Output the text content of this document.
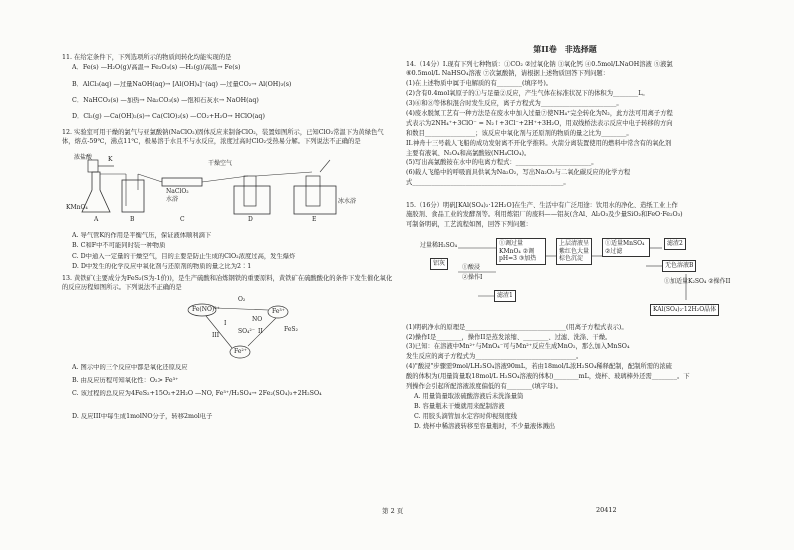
11. 在给定条件下，下列选项所示的物质间转化均能实现的是
A．Fe(s) —H₂O(g)/高温→ Fe₂O₃(s) —H₂(g)/高温→ Fe(s)
B．AlCl₃(aq) —过量NaOH(aq)→ [Al(OH)₄]⁻(aq) —过量CO₂→ Al(OH)₃(s)
C．NaHCO₃(s) —加热→ Na₂CO₃(s) —饱和石灰水→ NaOH(aq)
D．Cl₂(g) —Ca(OH)₂(s)→ Ca(ClO)₂(s) —CO₂+H₂O→ HClO(aq)
12. 实验室可用干燥的氯气与亚氯酸钠(NaClO₂)固体反应来制备ClO₂，装置如图所示，已知ClO₂常温下为黄绿色气体，熔点-59℃，沸点11℃，极易溶于水且不与水反应，浓度过高时ClO₂受热易分解。下列说法不正确的是
浓盐酸	K
KMnO₄
A	B
干燥空气
NaClO₂
水浴
C	D
冰水浴
E
A. 导气管K的作用是平衡气压，保证液体顺利滴下
B. C和F中不可能同时装一种物质
C. D中通入一定量的干燥空气，目的主要是防止生成的ClO₂浓度过高，发生爆炸
D. D中发生的化学反应中氧化剂与还原剂的物质的量之比为2∶1
13. 黄铁矿(主要成分为FeS₂(S为-1价))，是生产硫酸和冶炼钢铁的重要原料，黄铁矿在硫酸酸化的条件下发生催化氧化的反应历程如图所示。下列说法不正确的是
Fe(NO)²⁺	Fe³⁺
Fe²⁺
O₂
I
NO
FeS₂
II
III
SO₄²⁻
A. 图示中的三个反应中都是氧化还原反应
B. 由反应历程可知氧化性：O₂> Fe³⁺
C. 该过程的总反应为4FeS₂+15O₂+2H₂O —NO, Fe³⁺/H₂SO₄→ 2Fe₂(SO₄)₃+2H₂SO₄
D. 反应III中每生成1molNO分子，转移2mol电子
第II卷　非选择题
14.（14分）I.现有下列七种物质：①CO₂ ②过氧化钠 ③氧化钙 ④0.5mol/LNaOH溶液 ⑤液氯
⑥0.5mol/L NaHSO₄溶液 ⑦次氯酸钠，请根据上述物质回答下列问题：
(1)在上述物质中属于电解质的有________(填序号)。
(2)含有0.4mol氧原子的①与足量②反应，产生气体在标准状况下的体积为________L。
(3)⑥和⑧等体积混合时发生反应，离子方程式为________________________。
(4)废水脱氮工艺有一种方法是在废水中加入过量⑦使NH₄⁺完全转化为N₂，此方法可用离子方程
式表示为2NH₄⁺+3ClO⁻ = N₂↑+3Cl⁻+2H⁺+3H₂O，用双线桥法表示反应中电子转移的方向
和数目________________；该反应中氧化剂与还原剂的物质的量之比为________。
II.神舟十三号载人飞船的成功发射离不开化学推料。火箭分离装置使用的燃料中常含有的氧化剂
主要有液氧、N₂O₄和高氯酸铵(NH₄ClO₄)。
(5)写出高氯酸铵在水中的电离方程式：________________________。
(6)载人飞船中的呼吸面具供氧为Na₂O₂，写出Na₂O₂与二氧化碳反应的化学方程
式________________________________________________。
15.（16分）明矾[KAl(SO₄)₂·12H₂O]在生产、生活中有广泛用途：饮用水的净化、造纸工业上作
施胶剂、食品工业的发酵剂等。利用炼铝厂的废料——铝灰(含Al、Al₂O₃及少量SiO₂和FeO·Fe₂O₃)
可制备明矾，工艺流程如图，回答下列问题：
过量稀H₂SO₄
铝灰
①酸浸
②操作I
滤渣1
①调过量KMnO₄ ②调pH=3 ③加热
上层清液呈紫红色大量棕色沉淀
①适量MnSO₄ ②过滤
滤渣2
无色溶液B
①加适量K₂SO₄ ②操作II
KAl(SO₄)₂·12H₂O晶体
(1)明矾净水的原理是________________________________(用离子方程式表示)。
(2)操作I是________，操作II是蒸发浓缩、________、过滤、洗涤、干燥。
(3)已知：在溶液中Mn²⁺与MnO₄⁻可与Mn²⁺反应生成MnO₂，那么加入MnSO₄
发生反应的离子方程式为________________________________。
(4)"酸浸"步骤需9mol/LH₂SO₄溶液90mL，若由18mol/L浓H₂SO₄稀释配制，配制所需的浓硫
酸的体积为(用量筒量取18mol/L H₂SO₄溶液的体积)________mL，烧杯、玻璃棒外还需________。下
列操作会引起所配溶液浓度偏低的有________(填字母)。
A. 用量筒量取浓硫酸溶液后未洗涤量筒
B. 容量瓶未干燥就用来配制溶液
C. 用胶头滴管加水定容时仰视刻度线
D. 烧杯中稀溶液转移至容量瓶时，不少量液体溅出
第 2 页	20412
